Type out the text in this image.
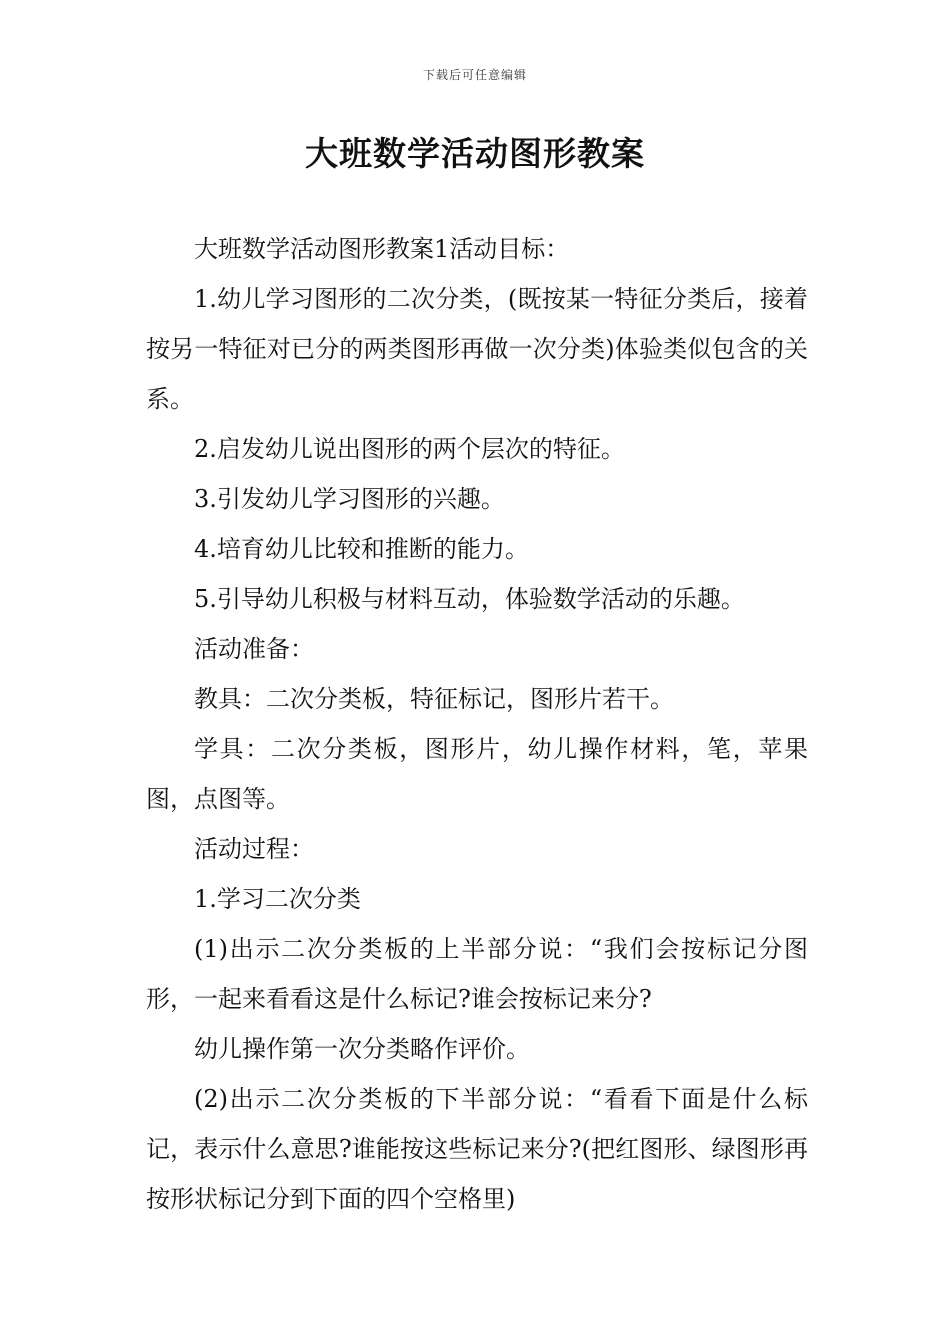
下载后可任意编辑
大班数学活动图形教案

大班数学活动图形教案1活动目标：

1.幼儿学习图形的二次分类，(既按某一特征分类后，接着按另一特征对已分的两类图形再做一次分类)体验类似包含的关系。

2.启发幼儿说出图形的两个层次的特征。

3.引发幼儿学习图形的兴趣。

4.培育幼儿比较和推断的能力。

5.引导幼儿积极与材料互动，体验数学活动的乐趣。

活动准备：

教具：二次分类板，特征标记，图形片若干。

学具：二次分类板，图形片，幼儿操作材料，笔，苹果图，点图等。

活动过程：

1.学习二次分类

(1)出示二次分类板的上半部分说：“我们会按标记分图形，一起来看看这是什么标记?谁会按标记来分?

幼儿操作第一次分类略作评价。

(2)出示二次分类板的下半部分说：“看看下面是什么标记，表示什么意思?谁能按这些标记来分?(把红图形、绿图形再按形状标记分到下面的四个空格里)
